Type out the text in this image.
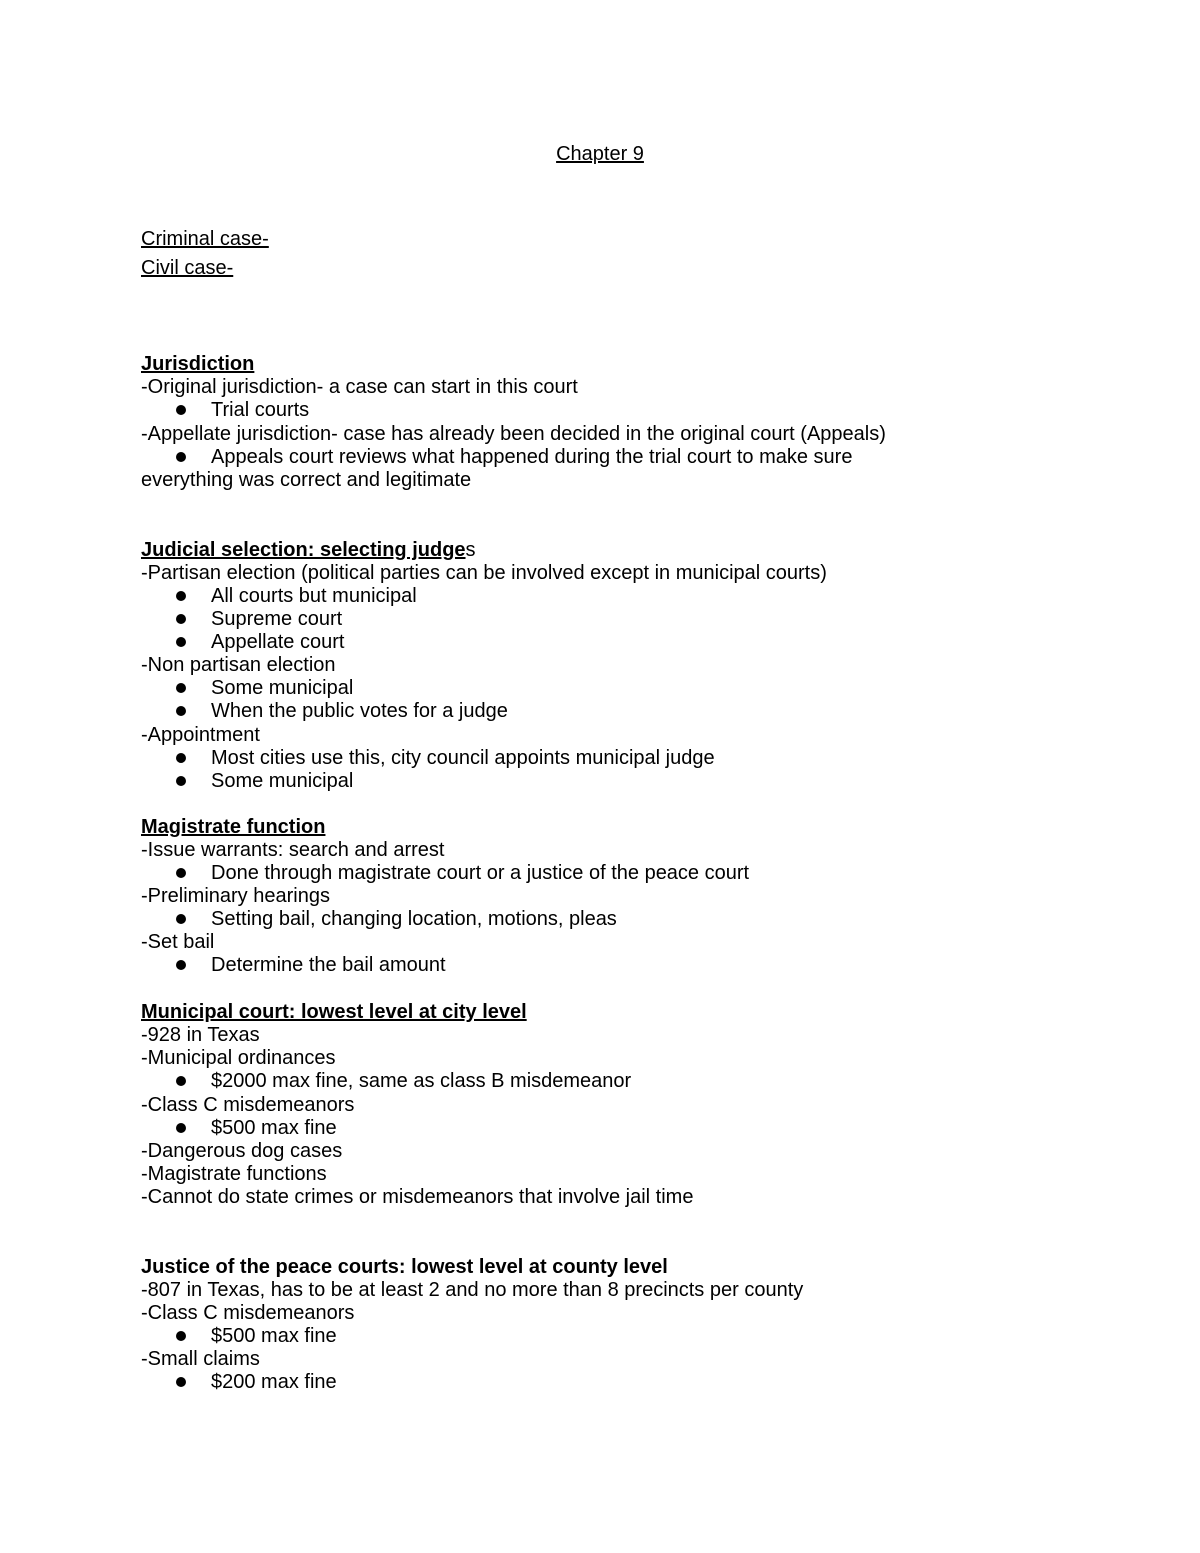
Chapter 9
Criminal case-
Civil case-
Jurisdiction
-Original jurisdiction- a case can start in this court
Trial courts
-Appellate jurisdiction- case has already been decided in the original court (Appeals)
Appeals court reviews what happened during the trial court to make sure
everything was correct and legitimate
Judicial selection: selecting judges
-Partisan election (political parties can be involved except in municipal courts)
All courts but municipal
Supreme court
Appellate court
-Non partisan election
Some municipal
When the public votes for a judge
-Appointment
Most cities use this, city council appoints municipal judge
Some municipal
Magistrate function
-Issue warrants: search and arrest
Done through magistrate court or a justice of the peace court
-Preliminary hearings
Setting bail, changing location, motions, pleas
-Set bail
Determine the bail amount
Municipal court: lowest level at city level
-928 in Texas
-Municipal ordinances
$2000 max fine, same as class B misdemeanor
-Class C misdemeanors
$500 max fine
-Dangerous dog cases
-Magistrate functions
-Cannot do state crimes or misdemeanors that involve jail time
Justice of the peace courts: lowest level at county level
-807 in Texas, has to be at least 2 and no more than 8 precincts per county
-Class C misdemeanors
$500 max fine
-Small claims
$200 max fine
